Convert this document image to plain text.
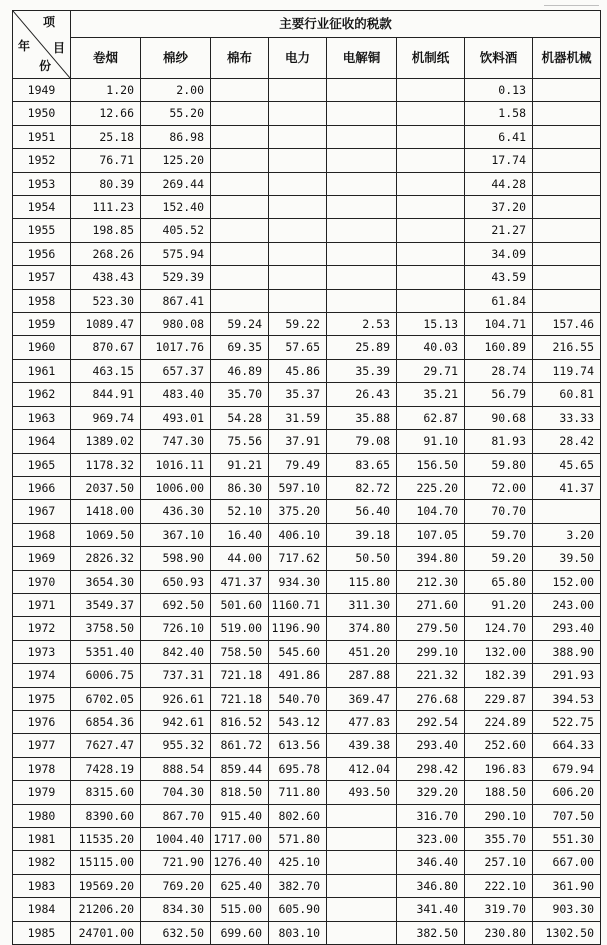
项
目
年
份	主要行业征收的税款							
	卷烟	棉纱	棉布	电力	电解铜	机制纸	饮料酒	机器机械
1949	1.20	2.00					0.13	
1950	12.66	55.20					1.58	
1951	25.18	86.98					6.41	
1952	76.71	125.20					17.74	
1953	80.39	269.44					44.28	
1954	111.23	152.40					37.20	
1955	198.85	405.52					21.27	
1956	268.26	575.94					34.09	
1957	438.43	529.39					43.59	
1958	523.30	867.41					61.84	
1959	1089.47	980.08	59.24	59.22	2.53	15.13	104.71	157.46
1960	870.67	1017.76	69.35	57.65	25.89	40.03	160.89	216.55
1961	463.15	657.37	46.89	45.86	35.39	29.71	28.74	119.74
1962	844.91	483.40	35.70	35.37	26.43	35.21	56.79	60.81
1963	969.74	493.01	54.28	31.59	35.88	62.87	90.68	33.33
1964	1389.02	747.30	75.56	37.91	79.08	91.10	81.93	28.42
1965	1178.32	1016.11	91.21	79.49	83.65	156.50	59.80	45.65
1966	2037.50	1006.00	86.30	597.10	82.72	225.20	72.00	41.37
1967	1418.00	436.30	52.10	375.20	56.40	104.70	70.70	
1968	1069.50	367.10	16.40	406.10	39.18	107.05	59.70	3.20
1969	2826.32	598.90	44.00	717.62	50.50	394.80	59.20	39.50
1970	3654.30	650.93	471.37	934.30	115.80	212.30	65.80	152.00
1971	3549.37	692.50	501.60	1160.71	311.30	271.60	91.20	243.00
1972	3758.50	726.10	519.00	1196.90	374.80	279.50	124.70	293.40
1973	5351.40	842.40	758.50	545.60	451.20	299.10	132.00	388.90
1974	6006.75	737.31	721.18	491.86	287.88	221.32	182.39	291.93
1975	6702.05	926.61	721.18	540.70	369.47	276.68	229.87	394.53
1976	6854.36	942.61	816.52	543.12	477.83	292.54	224.89	522.75
1977	7627.47	955.32	861.72	613.56	439.38	293.40	252.60	664.33
1978	7428.19	888.54	859.44	695.78	412.04	298.42	196.83	679.94
1979	8315.60	704.30	818.50	711.80	493.50	329.20	188.50	606.20
1980	8390.60	867.70	915.40	802.60		316.70	290.10	707.50
1981	11535.20	1004.40	1717.00	571.80		323.00	355.70	551.30
1982	15115.00	721.90	1276.40	425.10		346.40	257.10	667.00
1983	19569.20	769.20	625.40	382.70		346.80	222.10	361.90
1984	21206.20	834.30	515.00	605.90		341.40	319.70	903.30
1985	24701.00	632.50	699.60	803.10		382.50	230.80	1302.50
